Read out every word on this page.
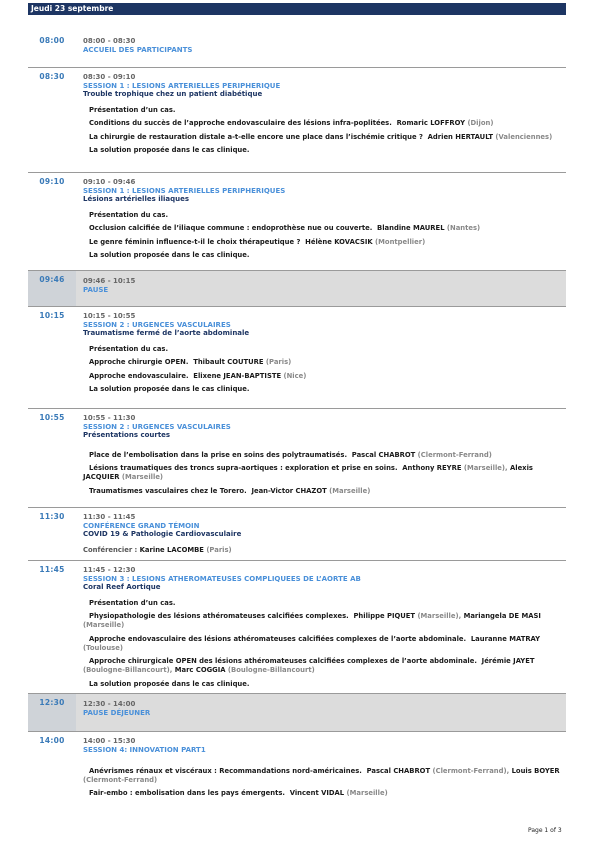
Jeudi 23 septembre
08:00	08:00 - 08:30
ACCUEIL DES PARTICIPANTS
08:30	08:30 - 09:10
SESSION 1 : LESIONS ARTERIELLES PERIPHERIQUE
Trouble trophique chez un patient diabétique
Présentation d’un cas.
Conditions du succès de l’approche endovasculaire des lésions infra-poplitées. Romaric LOFFROY (Dijon)
La chirurgie de restauration distale a-t-elle encore une place dans l’ischémie critique ? Adrien HERTAULT (Valenciennes)
La solution proposée dans le cas clinique.
09:10	09:10 - 09:46
SESSION 1 : LESIONS ARTERIELLES PERIPHERIQUES
Lésions artérielles iliaques
Présentation du cas.
Occlusion calcifiée de l’iliaque commune : endoprothèse nue ou couverte. Blandine MAUREL (Nantes)
Le genre féminin influence-t-il le choix thérapeutique ? Hélène KOVACSIK (Montpellier)
La solution proposée dans le cas clinique.
09:46	09:46 - 10:15
PAUSE
10:15	10:15 - 10:55
SESSION 2 : URGENCES VASCULAIRES
Traumatisme fermé de l’aorte abdominale
Présentation du cas.
Approche chirurgie OPEN. Thibault COUTURE (Paris)
Approche endovasculaire. Elixene JEAN-BAPTISTE (Nice)
La solution proposée dans le cas clinique.
10:55	10:55 - 11:30
SESSION 2 : URGENCES VASCULAIRES
Présentations courtes
Place de l’embolisation dans la prise en soins des polytraumatisés. Pascal CHABROT (Clermont-Ferrand)
Lésions traumatiques des troncs supra-aortiques : exploration et prise en soins. Anthony REYRE (Marseille), Alexis JACQUIER (Marseille)
Traumatismes vasculaires chez le Torero. Jean-Victor CHAZOT (Marseille)
11:30	11:30 - 11:45
CONFÉRENCE GRAND TÉMOIN
COVID 19 & Pathologie Cardiovasculaire
Conférencier : Karine LACOMBE (Paris)
11:45	11:45 - 12:30
SESSION 3 : LESIONS ATHEROMATEUSES COMPLIQUEES DE L’AORTE AB
Coral Reef Aortique
Présentation d’un cas.
Physiopathologie des lésions athéromateuses calcifiées complexes. Philippe PIQUET (Marseille), Mariangela DE MASI (Marseille)
Approche endovasculaire des lésions athéromateuses calcifiées complexes de l’aorte abdominale. Lauranne MATRAY (Toulouse)
Approche chirurgicale OPEN des lésions athéromateuses calcifiées complexes de l’aorte abdominale. Jérémie JAYET (Boulogne-Billancourt), Marc COGGIA (Boulogne-Billancourt)
La solution proposée dans le cas clinique.
12:30	12:30 - 14:00
PAUSE DÉJEUNER
14:00	14:00 - 15:30
SESSION 4: INNOVATION PART1
Anévrismes rénaux et viscéraux : Recommandations nord-américaines. Pascal CHABROT (Clermont-Ferrand), Louis BOYER (Clermont-Ferrand)
Fair-embo : embolisation dans les pays émergents. Vincent VIDAL (Marseille)
Page 1 of 3
